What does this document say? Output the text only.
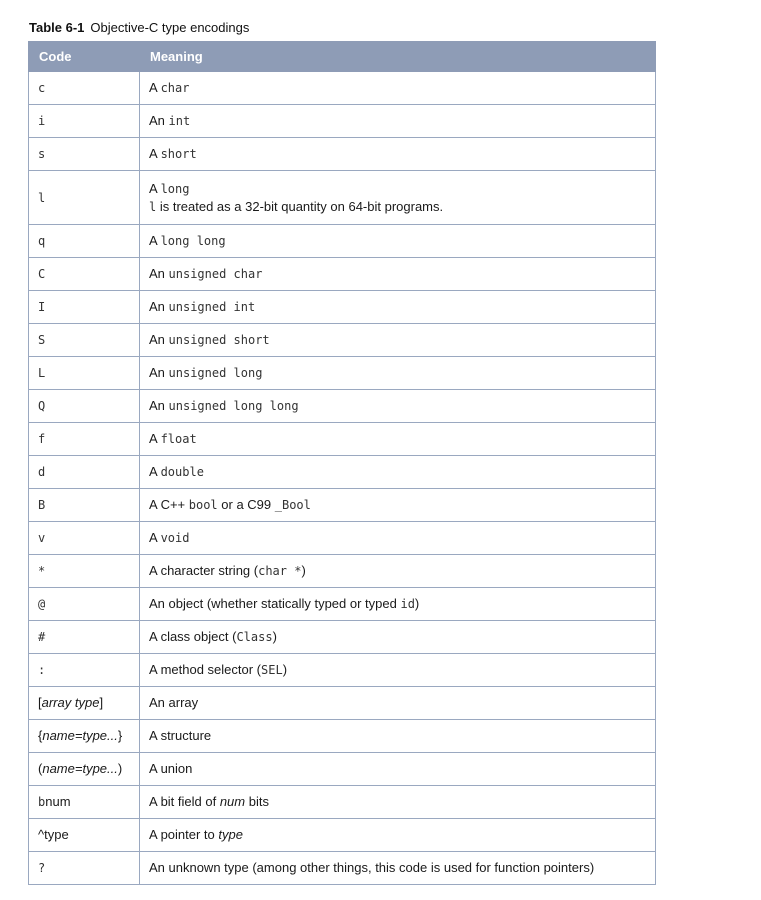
Table 6-1 Objective-C type encodings
Code	Meaning
c	A char
i	An int
s	A short
l	A long
l is treated as a 32-bit quantity on 64-bit programs.
q	A long long
C	An unsigned char
I	An unsigned int
S	An unsigned short
L	An unsigned long
Q	An unsigned long long
f	A float
d	A double
B	A C++ bool or a C99 _Bool
v	A void
*	A character string (char *)
@	An object (whether statically typed or typed id)
#	A class object (Class)
:	A method selector (SEL)
[array type]	An array
{name=type...}	A structure
(name=type...)	A union
bnum	A bit field of num bits
^type	A pointer to type
?	An unknown type (among other things, this code is used for function pointers)
